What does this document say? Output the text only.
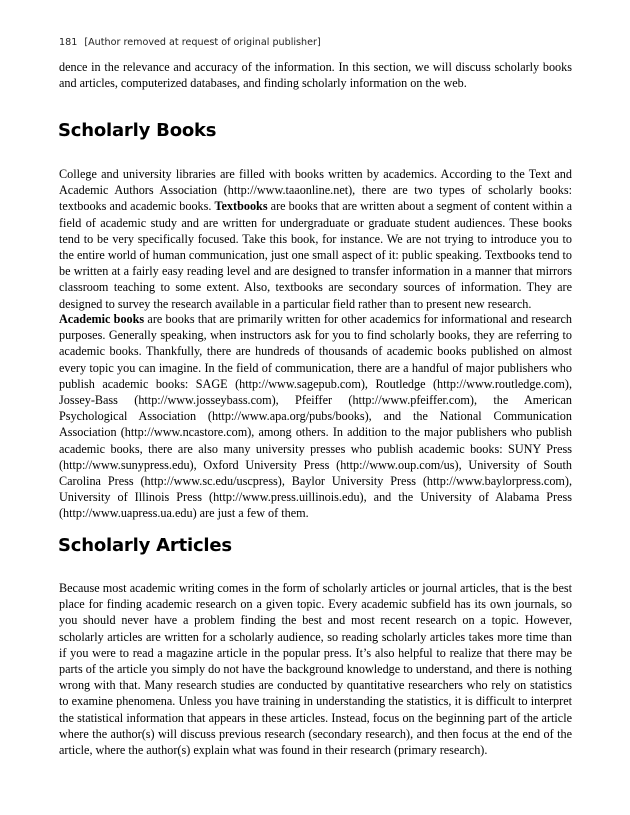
181 [Author removed at request of original publisher]

dence in the relevance and accuracy of the information. In this section, we will discuss scholarly books and articles, computerized databases, and finding scholarly information on the web.

Scholarly Books

College and university libraries are filled with books written by academics. According to the Text and Academic Authors Association (http://www.taaonline.net), there are two types of scholarly books: textbooks and academic books. Textbooks are books that are written about a segment of content within a field of academic study and are written for undergraduate or graduate student audiences. These books tend to be very specifically focused. Take this book, for instance. We are not trying to introduce you to the entire world of human communication, just one small aspect of it: public speaking. Textbooks tend to be written at a fairly easy reading level and are designed to transfer information in a manner that mirrors classroom teaching to some extent. Also, textbooks are secondary sources of information. They are designed to survey the research available in a particular field rather than to present new research.

Academic books are books that are primarily written for other academics for informational and research purposes. Generally speaking, when instructors ask for you to find scholarly books, they are referring to academic books. Thankfully, there are hundreds of thousands of academic books published on almost every topic you can imagine. In the field of communication, there are a handful of major publishers who publish academic books: SAGE (http://www.sagepub.com), Routledge (http://www.routledge.com), Jossey-Bass (http://www.josseybass.com), Pfeiffer (http://www.pfeiffer.com), the American Psychological Association (http://www.apa.org/pubs/books), and the National Communication Association (http://www.ncastore.com), among others. In addition to the major publishers who publish academic books, there are also many university presses who publish academic books: SUNY Press (http://www.sunypress.edu), Oxford University Press (http://www.oup.com/us), University of South Carolina Press (http://www.sc.edu/uscpress), Baylor University Press (http://www.baylorpress.com), University of Illinois Press (http://www.press.uillinois.edu), and the University of Alabama Press (http://www.uapress.ua.edu) are just a few of them.

Scholarly Articles

Because most academic writing comes in the form of scholarly articles or journal articles, that is the best place for finding academic research on a given topic. Every academic subfield has its own journals, so you should never have a problem finding the best and most recent research on a topic. However, scholarly articles are written for a scholarly audience, so reading scholarly articles takes more time than if you were to read a magazine article in the popular press. It’s also helpful to realize that there may be parts of the article you simply do not have the background knowledge to understand, and there is nothing wrong with that. Many research studies are conducted by quantitative researchers who rely on statistics to examine phenomena. Unless you have training in understanding the statistics, it is difficult to interpret the statistical information that appears in these articles. Instead, focus on the beginning part of the article where the author(s) will discuss previous research (secondary research), and then focus at the end of the article, where the author(s) explain what was found in their research (primary research).
